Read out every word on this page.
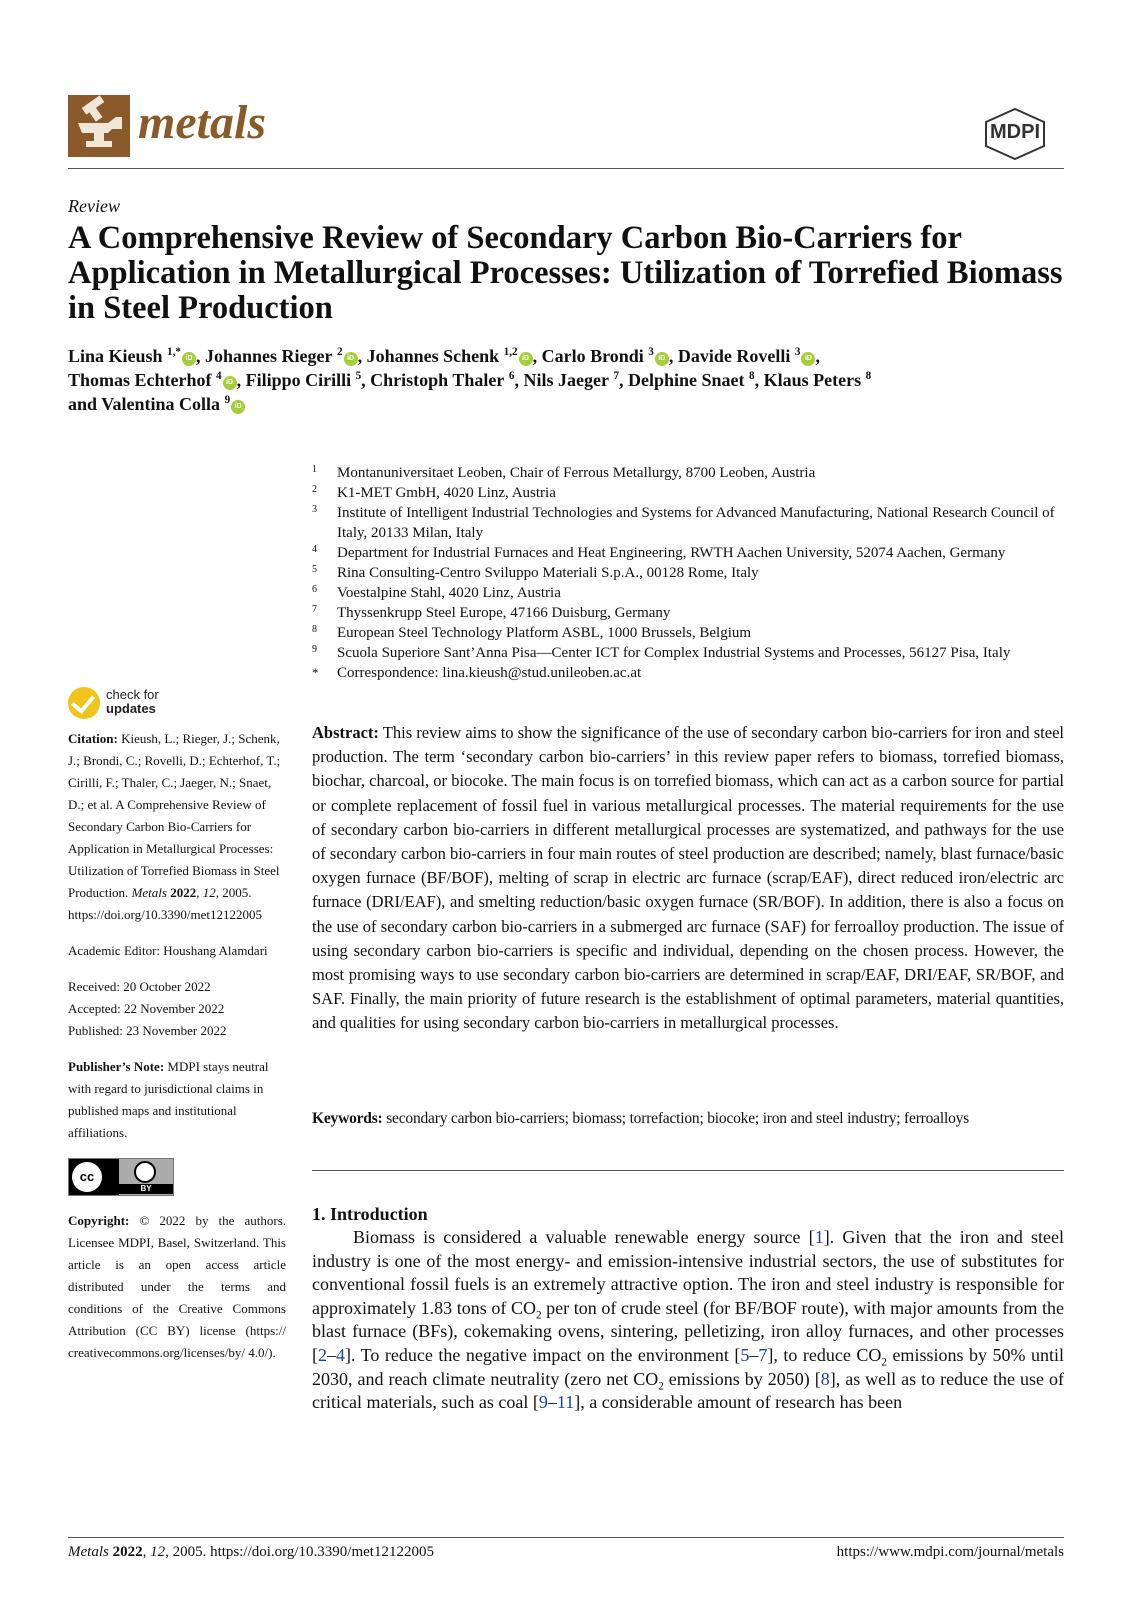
metals	MDPI
Review
A Comprehensive Review of Secondary Carbon Bio-Carriers for Application in Metallurgical Processes: Utilization of Torrefied Biomass in Steel Production
Lina Kieush $^{1,*}$iD , Johannes Rieger $^2$iD , Johannes Schenk $^{1,2}$iD , Carlo Brondi $^3$iD , Davide Rovelli $^3$iD ,
Thomas Echterhof $^4$iD , Filippo Cirilli $^5$, Christoph Thaler $^6$, Nils Jaeger $^7$, Delphine Snaet $^8$, Klaus Peters $^8$
and Valentina Colla $^9$iD
1 Montanuniversitaet Leoben, Chair of Ferrous Metallurgy, 8700 Leoben, Austria
2 K1-MET GmbH, 4020 Linz, Austria
3 Institute of Intelligent Industrial Technologies and Systems for Advanced Manufacturing, National Research Council of Italy, 20133 Milan, Italy
4 Department for Industrial Furnaces and Heat Engineering, RWTH Aachen University, 52074 Aachen, Germany
5 Rina Consulting-Centro Sviluppo Materiali S.p.A., 00128 Rome, Italy
6 Voestalpine Stahl, 4020 Linz, Austria
7 Thyssenkrupp Steel Europe, 47166 Duisburg, Germany
8 European Steel Technology Platform ASBL, 1000 Brussels, Belgium
9 Scuola Superiore Sant’Anna Pisa—Center ICT for Complex Industrial Systems and Processes, 56127 Pisa, Italy
* Correspondence: lina.kieush@stud.unileoben.ac.at
check for
updates

Citation: Kieush, L.; Rieger, J.; Schenk, J.; Brondi, C.; Rovelli, D.; Echterhof, T.; Cirilli, F.; Thaler, C.; Jaeger, N.; Snaet, D.; et al. A Comprehensive Review of Secondary Carbon Bio-Carriers for Application in Metallurgical Processes: Utilization of Torrefied Biomass in Steel Production. Metals 2022, 12, 2005. https://doi.org/10.3390/met12122005

Academic Editor: Houshang Alamdari

Received: 20 October 2022

Accepted: 22 November 2022

Published: 23 November 2022

Publisher’s Note: MDPI stays neutral with regard to jurisdictional claims in published maps and institutional affiliations.

cc
BY

Copyright: © 2022 by the authors. Licensee MDPI, Basel, Switzerland. This article is an open access article distributed under the terms and conditions of the Creative Commons Attribution (CC BY) license (https:// creativecommons.org/licenses/by/ 4.0/).

Abstract: This review aims to show the significance of the use of secondary carbon bio-carriers for iron and steel production. The term ‘secondary carbon bio-carriers’ in this review paper refers to biomass, torrefied biomass, biochar, charcoal, or biocoke. The main focus is on torrefied biomass, which can act as a carbon source for partial or complete replacement of fossil fuel in various metallurgical processes. The material requirements for the use of secondary carbon bio-carriers in different metallurgical processes are systematized, and pathways for the use of secondary carbon bio-carriers in four main routes of steel production are described; namely, blast furnace/basic oxygen furnace (BF/BOF), melting of scrap in electric arc furnace (scrap/EAF), direct reduced iron/electric arc furnace (DRI/EAF), and smelting reduction/basic oxygen furnace (SR/BOF). In addition, there is also a focus on the use of secondary carbon bio-carriers in a submerged arc furnace (SAF) for ferroalloy production. The issue of using secondary carbon bio-carriers is specific and individual, depending on the chosen process. However, the most promising ways to use secondary carbon bio-carriers are determined in scrap/EAF, DRI/EAF, SR/BOF, and SAF. Finally, the main priority of future research is the establishment of optimal parameters, material quantities, and qualities for using secondary carbon bio-carriers in metallurgical processes.

Keywords: secondary carbon bio-carriers; biomass; torrefaction; biocoke; iron and steel industry; ferroalloys

1. Introduction

Biomass is considered a valuable renewable energy source [1]. Given that the iron and steel industry is one of the most energy- and emission-intensive industrial sectors, the use of substitutes for conventional fossil fuels is an extremely attractive option. The iron and steel industry is responsible for approximately 1.83 tons of $CO_2$ per ton of crude steel (for BF/BOF route), with major amounts from the blast furnace (BFs), cokemaking ovens, sintering, pelletizing, iron alloy furnaces, and other processes [2–4]. To reduce the negative impact on the environment [5–7], to reduce $CO_2$ emissions by 50% until 2030, and reach climate neutrality (zero net $CO_2$ emissions by 2050) [8], as well as to reduce the use of critical materials, such as coal [9–11], a considerable amount of research has been

Metals 2022, 12, 2005. https://doi.org/10.3390/met12122005	https://www.mdpi.com/journal/metals
